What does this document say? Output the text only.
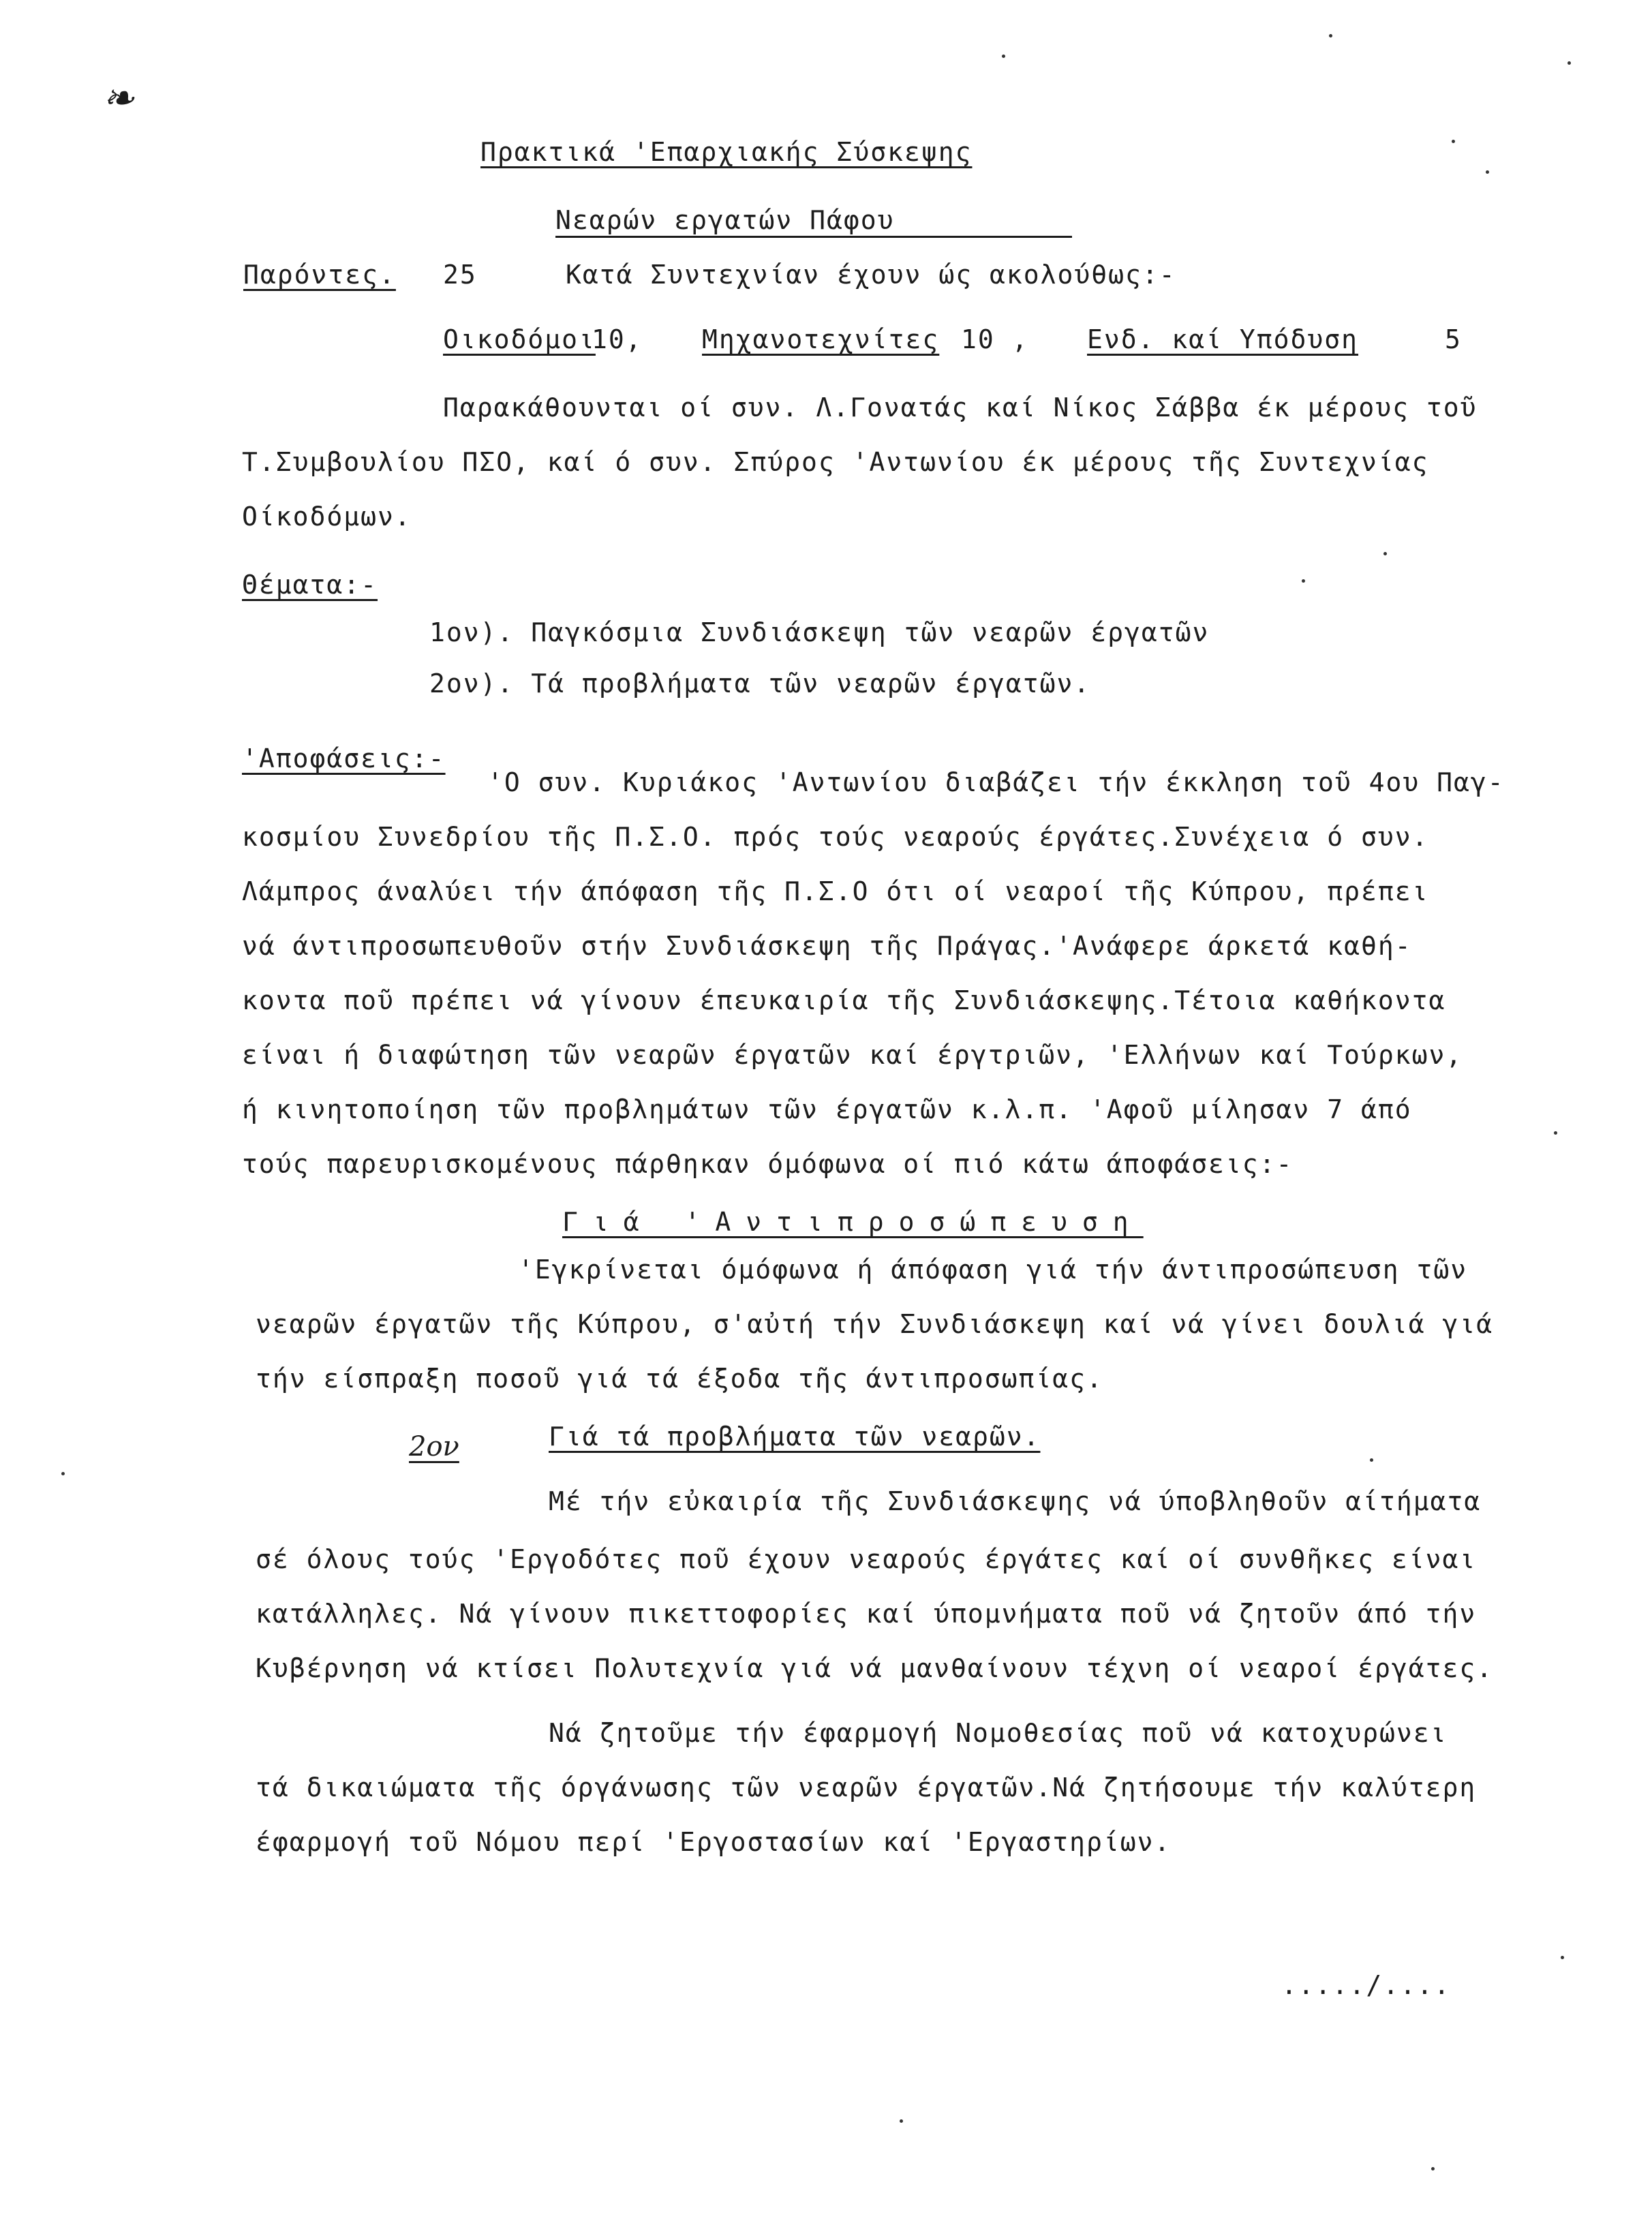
❧
Πρακτικά 'Επαρχιακής Σύσκεψης
Νεαρών εργατών Πάφου
Παρόντες. 25	Κατά Συντεχνίαν έχουν ώς ακολούθως:-
Οικοδόμοι
10, Μηχανοτεχνίτες 10 , Ενδ. καί Υπόδυση	5
Παρακάθουνται οί συν. Λ.Γονατάς καί Νίκος Σάββα έκ μέρους τοῦ
Τ.Συμβουλίου ΠΣΟ, καί ό συν. Σπύρος 'Αντωνίου έκ μέρους τῆς Συντεχνίας
Οίκοδόμων.
Θέματα:-
1ον). Παγκόσμια Συνδιάσκεψη τῶν νεαρῶν έργατῶν
2ον). Τά προβλήματα τῶν νεαρῶν έργατῶν.
'Αποφάσεις:-
'Ο συν. Κυριάκος 'Αντωνίου διαβάζει τήν έκκληση τοῦ 4ου Παγ-
κοσμίου Συνεδρίου τῆς Π.Σ.Ο. πρός τούς νεαρούς έργάτες.Συνέχεια ό συν.
Λάμπρος άναλύει τήν άπόφαση τῆς Π.Σ.Ο ότι οί νεαροί τῆς Κύπρου, πρέπει
νά άντιπροσωπευθοῦν στήν Συνδιάσκεψη τῆς Πράγας.'Ανάφερε άρκετά καθή-
κοντα ποῦ πρέπει νά γίνουν έπευκαιρία τῆς Συνδιάσκεψης.Τέτοια καθήκοντα
είναι ή διαφώτηση τῶν νεαρῶν έργατῶν καί έργτριῶν, 'Ελλήνων καί Τούρκων,
ή κινητοποίηση τῶν προβλημάτων τῶν έργατῶν κ.λ.π. 'Αφοῦ μίλησαν 7 άπό
τούς παρευρισκομένους πάρθηκαν όμόφωνα οί πιό κάτω άποφάσεις:-
Γιά 'Αντιπροσώπευση
'Εγκρίνεται όμόφωνα ή άπόφαση γιά τήν άντιπροσώπευση τῶν
νεαρῶν έργατῶν τῆς Κύπρου, σ'αὐτή τήν Συνδιάσκεψη καί νά γίνει δουλιά γιά
τήν είσπραξη ποσοῦ γιά τά έξοδα τῆς άντιπροσωπίας.
2ον	Γιά τά προβλήματα τῶν νεαρῶν.
Μέ τήν εὐκαιρία τῆς Συνδιάσκεψης νά ύποβληθοῦν αίτήματα
σέ όλους τούς 'Εργοδότες ποῦ έχουν νεαρούς έργάτες καί οί συνθῆκες είναι
κατάλληλες. Νά γίνουν πικεττοφορίες καί ύπομνήματα ποῦ νά ζητοῦν άπό τήν
Κυβέρνηση νά κτίσει Πολυτεχνία γιά νά μανθαίνουν τέχνη οί νεαροί έργάτες.
Νά ζητοῦμε τήν έφαρμογή Νομοθεσίας ποῦ νά κατοχυρώνει
τά δικαιώματα τῆς όργάνωσης τῶν νεαρῶν έργατῶν.Νά ζητήσουμε τήν καλύτερη
έφαρμογή τοῦ Νόμου περί 'Εργοστασίων καί 'Εργαστηρίων.
...../....
